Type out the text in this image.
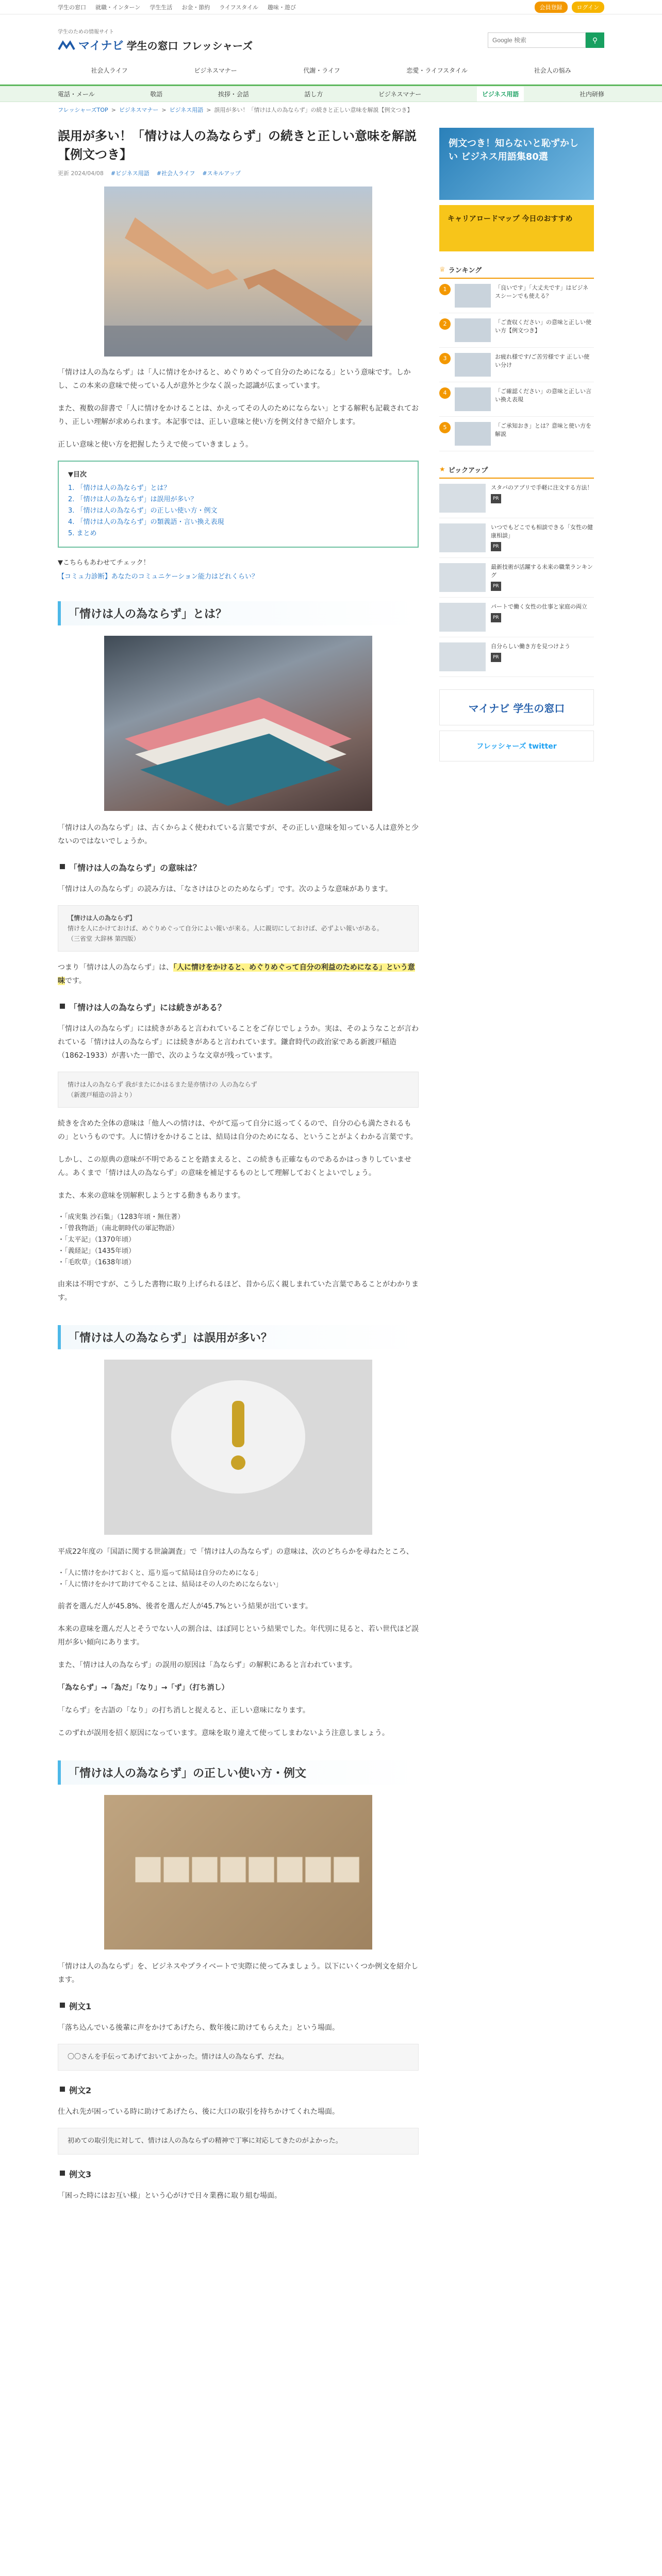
学生の窓口 就職・インターン 学生生活 お金・節約 ライフスタイル 趣味・遊び	会員登録	ログイン
学生のための情報サイト
マイナビ 学生の窓口 フレッシャーズ
Google 検索	⚲
社会人ライフ	ビジネスマナー	代謝・ライフ	恋愛・ライフスタイル	社会人の悩み
電話・メール	敬語	挨拶・会話	話し方	ビジネスマナー	ビジネス用語	社内研修
フレッシャーズTOP > ビジネスマナー > ビジネス用語 > 誤用が多い！「情けは人の為ならず」の続きと正しい意味を解説【例文つき】
誤用が多い！「情けは人の為ならず」の続きと正しい意味を解説【例文つき】
更新 2024/04/08 #ビジネス用語 #社会人ライフ #スキルアップ

「情けは人の為ならず」は「人に情けをかけると、めぐりめぐって自分のためになる」という意味です。しかし、この本来の意味で使っている人が意外と少なく誤った認識が広まっています。

また、複数の辞書で「人に情けをかけることは、かえってその人のためにならない」とする解釈も記載されており、正しい理解が求められます。本記事では、正しい意味と使い方を例文付きで紹介します。

正しい意味と使い方を把握したうえで使っていきましょう。

▼目次
1. 「情けは人の為ならず」とは？
2. 「情けは人の為ならず」は誤用が多い？
3. 「情けは人の為ならず」の正しい使い方・例文
4. 「情けは人の為ならず」の類義語・言い換え表現
5. まとめ
▼こちらもあわせてチェック！
【コミュ力診断】あなたのコミュニケーション能力はどれくらい？
「情けは人の為ならず」とは？

「情けは人の為ならず」は、古くからよく使われている言葉ですが、その正しい意味を知っている人は意外と少ないのではないでしょうか。

「情けは人の為ならず」の意味は？

「情けは人の為ならず」の読み方は、「なさけはひとのためならず」です。次のような意味があります。

【情けは人の為ならず】
情けを人にかけておけば、めぐりめぐって自分によい報いが来る。人に親切にしておけば、必ずよい報いがある。
（三省堂 大辞林 第四版）

つまり「情けは人の為ならず」は、「人に情けをかけると、めぐりめぐって自分の利益のためになる」という意味です。

「情けは人の為ならず」には続きがある？

「情けは人の為ならず」には続きがあると言われていることをご存じでしょうか。実は、そのようなことが言われている「情けは人の為ならず」には続きがあると言われています。鎌倉時代の政治家である新渡戸稲造（1862-1933）が書いた一節で、次のような文章が残っています。

情けは人の為ならず 我がまたにかはるまた是亦情けの 人の為ならず
（新渡戸稲造の詩より）

続きを含めた全体の意味は「他人への情けは、やがて巡って自分に返ってくるので、自分の心も満たされるもの」というものです。人に情けをかけることは、結局は自分のためになる、ということがよくわかる言葉です。

しかし、この原典の意味が不明であることを踏まえると、この続きも正確なものであるかはっきりしていません。あくまで「情けは人の為ならず」の意味を補足するものとして理解しておくとよいでしょう。

また、本来の意味を別解釈しようとする動きもあります。

・「成実集 沙石集」（1283年頃・無住著）
・「曾我物語」（南北朝時代の軍記物語）
・「太平記」（1370年頃）
・「義経記」（1435年頃）
・「毛吹草」（1638年頃）

由来は不明ですが、こうした書物に取り上げられるほど、昔から広く親しまれていた言葉であることがわかります。

「情けは人の為ならず」は誤用が多い？

平成22年度の「国語に関する世論調査」で「情けは人の為ならず」の意味は、次のどちらかを尋ねたところ、

・「人に情けをかけておくと、巡り巡って結局は自分のためになる」
・「人に情けをかけて助けてやることは、結局はその人のためにならない」

前者を選んだ人が45.8%、後者を選んだ人が45.7%という結果が出ています。

本来の意味を選んだ人とそうでない人の割合は、ほぼ同じという結果でした。年代別に見ると、若い世代ほど誤用が多い傾向にあります。

また、「情けは人の為ならず」の誤用の原因は「為ならず」の解釈にあると言われています。

「為ならず」→「為だ」「なり」→「ず」（打ち消し）

「ならず」を古語の「なり」の打ち消しと捉えると、正しい意味になります。

このずれが誤用を招く原因になっています。意味を取り違えて使ってしまわないよう注意しましょう。

「情けは人の為ならず」の正しい使い方・例文

「情けは人の為ならず」を、ビジネスやプライベートで実際に使ってみましょう。以下にいくつか例文を紹介します。

例文1

「落ち込んでいる後輩に声をかけてあげたら、数年後に助けてもらえた」という場面。

〇〇さんを手伝ってあげておいてよかった。情けは人の為ならず、だね。
例文2

仕入れ先が困っている時に助けてあげたら、後に大口の取引を持ちかけてくれた場面。

初めての取引先に対して、情けは人の為ならずの精神で丁寧に対応してきたのがよかった。
例文3

「困った時にはお互い様」という心がけで日々業務に取り組む場面。

例文つき！知らないと恥ずかしい ビジネス用語集80選
キャリアロードマップ 今日のおすすめ
♕ ランキング
1	「良いです」「大丈夫です」はビジネスシーンでも使える？
2	「ご査収ください」の意味と正しい使い方【例文つき】
3	お疲れ様です/ご苦労様です 正しい使い分け
4	「ご確認ください」の意味と正しい言い換え表現
5	「ご承知おき」とは？意味と使い方を解説
★ ピックアップ
スタバのアプリで手軽に注文する方法！
PR
いつでもどこでも相談できる「女性の健康相談」
PR
最新技術が活躍する未来の職業ランキング
PR
パートで働く女性の仕事と家庭の両立
PR
自分らしい働き方を見つけよう
PR
マイナビ 学生の窓口
フレッシャーズ twitter
